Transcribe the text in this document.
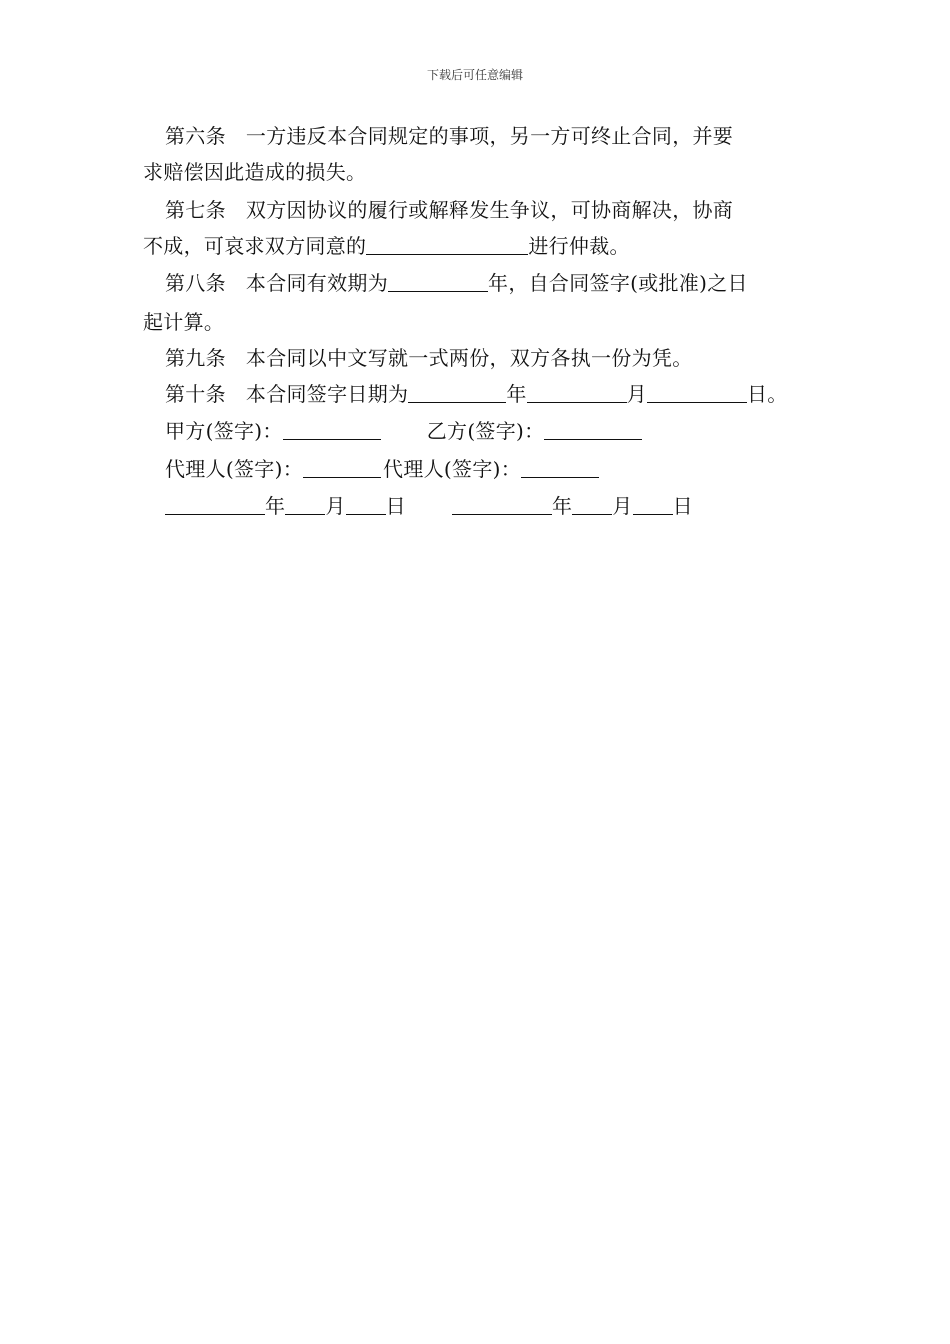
下载后可任意编辑
第六条 一方违反本合同规定的事项，另一方可终止合同，并要
求赔偿因此造成的损失。
第七条 双方因协议的履行或解释发生争议，可协商解决，协商
不成，可哀求双方同意的	进行仲裁。
第八条 本合同有效期为	年，自合同签字(或批准)之日
起计算。
第九条 本合同以中文写就一式两份，双方各执一份为凭。
第十条 本合同签字日期为	年	月	日。
甲方(签字)：	乙方(签字)：
代理人(签字)：	代理人(签字)：
年 月 日	年 月 日
